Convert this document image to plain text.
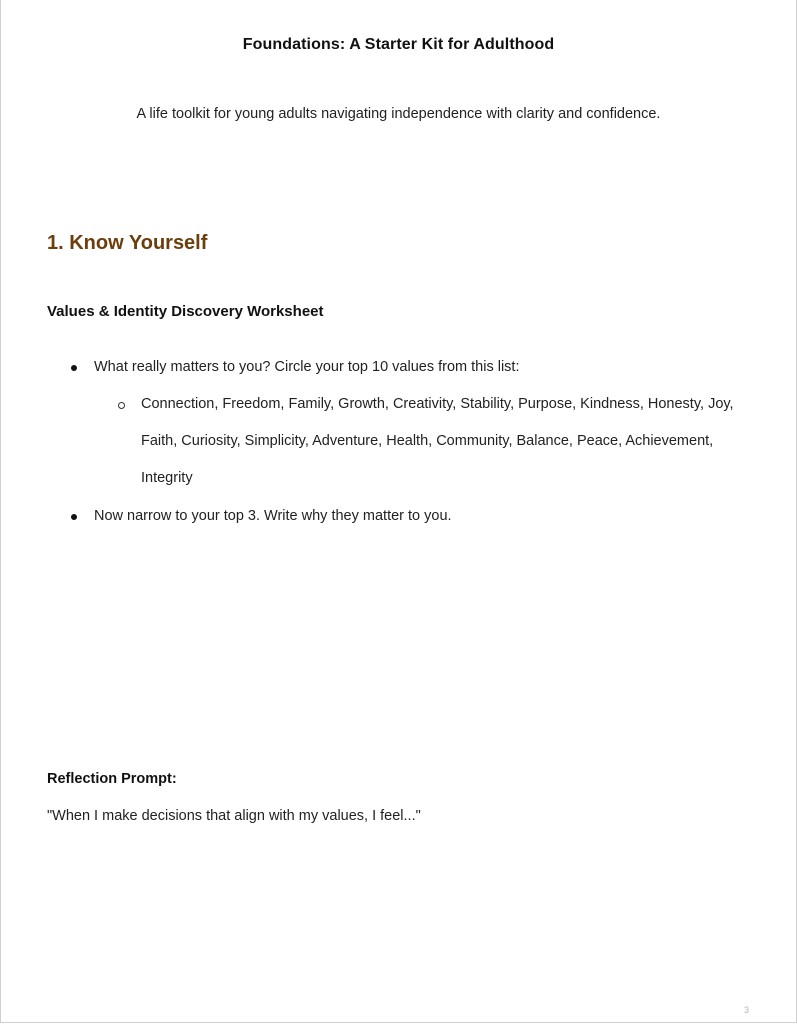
Foundations: A Starter Kit for Adulthood
A life toolkit for young adults navigating independence with clarity and confidence.
1. Know Yourself
Values & Identity Discovery Worksheet
What really matters to you? Circle your top 10 values from this list:
Connection, Freedom, Family, Growth, Creativity, Stability, Purpose, Kindness, Honesty, Joy, Faith, Curiosity, Simplicity, Adventure, Health, Community, Balance, Peace, Achievement, Integrity
Now narrow to your top 3. Write why they matter to you.
Reflection Prompt:
"When I make decisions that align with my values, I feel..."
3
